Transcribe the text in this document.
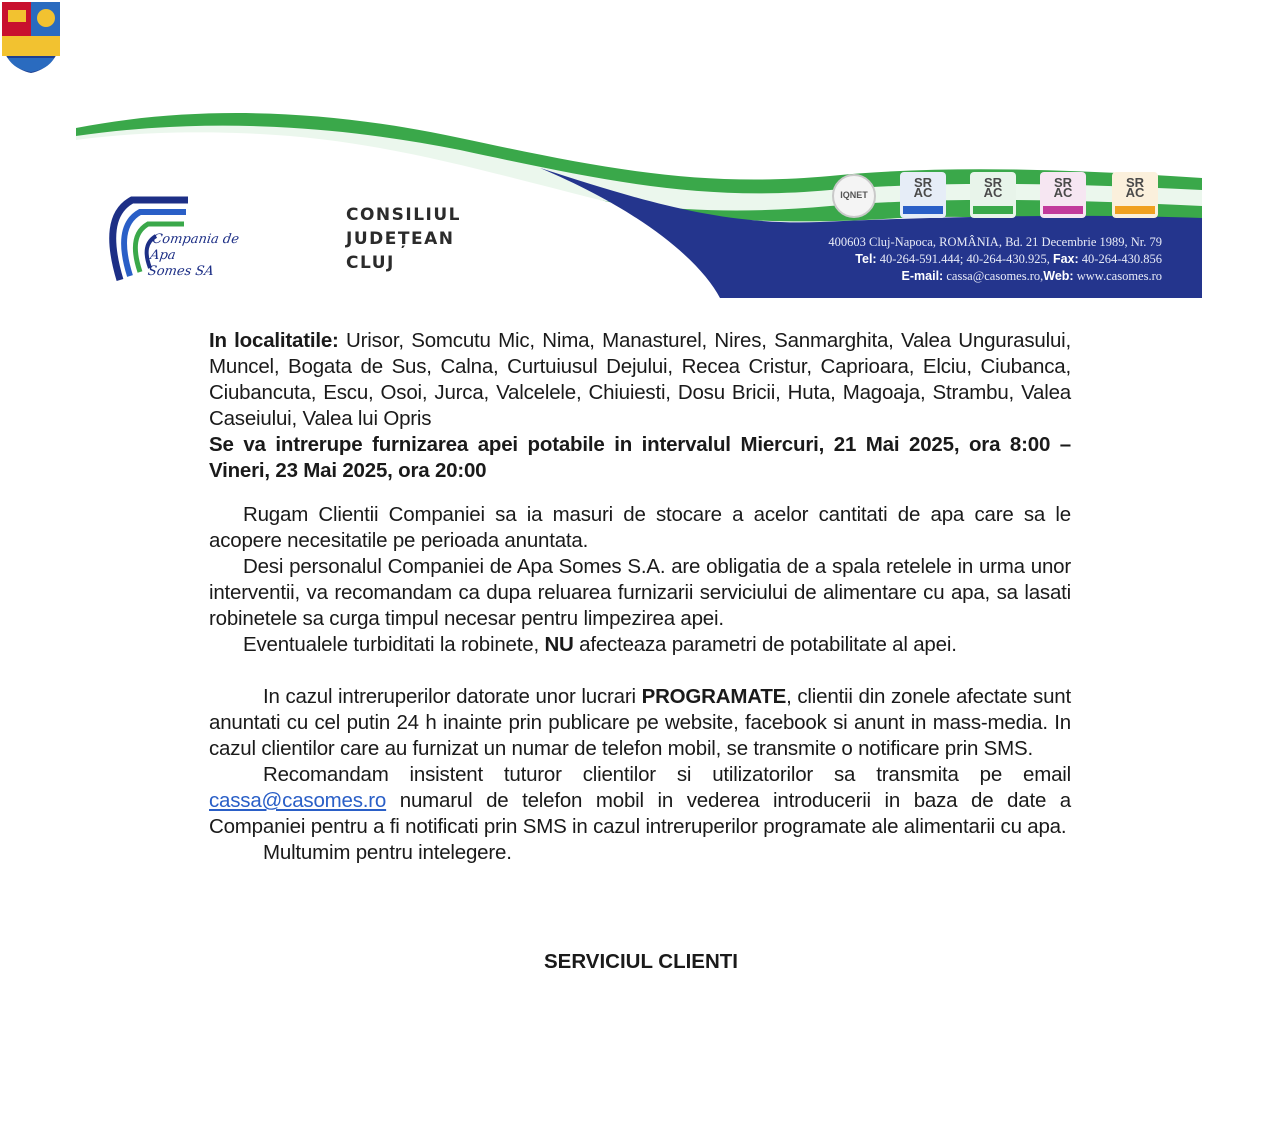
Compania de Apa
Somes SA
CONSILIUL
JUDEȚEAN
CLUJ
IQNET
SR AC
SR AC
SR AC
SR AC
400603 Cluj-Napoca, ROMÂNIA, Bd. 21 Decembrie 1989, Nr. 79
Tel: 40-264-591.444; 40-264-430.925, Fax: 40-264-430.856
E-mail: cassa@casomes.ro,Web: www.casomes.ro

In localitatile: Urisor, Somcutu Mic, Nima, Manasturel, Nires, Sanmarghita, Valea Ungurasului, Muncel, Bogata de Sus, Calna, Curtuiusul Dejului, Recea Cristur, Caprioara, Elciu, Ciubanca, Ciubancuta, Escu, Osoi, Jurca, Valcelele, Chiuiesti, Dosu Bricii, Huta, Magoaja, Strambu, Valea Caseiului, Valea lui Opris

Se va intrerupe furnizarea apei potabile in intervalul Miercuri, 21 Mai 2025, ora 8:00 – Vineri, 23 Mai 2025, ora 20:00

Rugam Clientii Companiei sa ia masuri de stocare a acelor cantitati de apa care sa le acopere necesitatile pe perioada anuntata.

Desi personalul Companiei de Apa Somes S.A. are obligatia de a spala retelele in urma unor interventii, va recomandam ca dupa reluarea furnizarii serviciului de alimentare cu apa, sa lasati robinetele sa curga timpul necesar pentru limpezirea apei.

Eventualele turbiditati la robinete, NU afecteaza parametri de potabilitate al apei.

In cazul intreruperilor datorate unor lucrari PROGRAMATE, clientii din zonele afectate sunt anuntati cu cel putin 24 h inainte prin publicare pe website, facebook si anunt in mass-media. In cazul clientilor care au furnizat un numar de telefon mobil, se transmite o notificare prin SMS.

Recomandam insistent tuturor clientilor si utilizatorilor sa transmita pe email cassa@casomes.ro numarul de telefon mobil in vederea introducerii in baza de date a Companiei pentru a fi notificati prin SMS in cazul intreruperilor programate ale alimentarii cu apa.

Multumim pentru intelegere.

SERVICIUL CLIENTI
